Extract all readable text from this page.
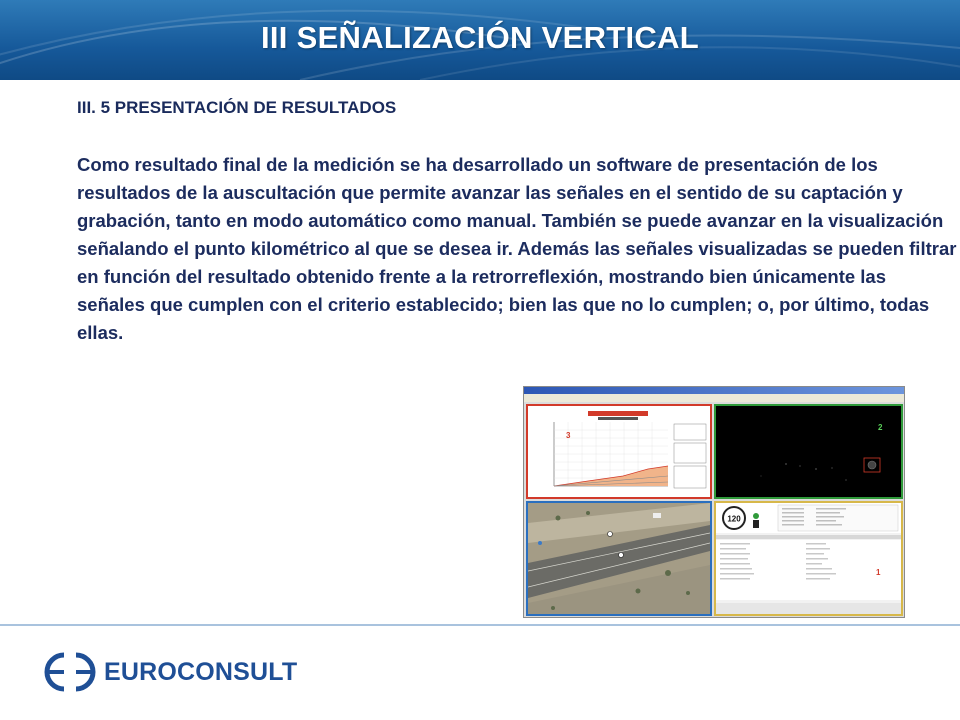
III SEÑALIZACIÓN VERTICAL
III. 5 PRESENTACIÓN DE RESULTADOS

Como resultado final de la medición se ha desarrollado un software de presentación de los resultados de la auscultación que permite avanzar las señales en el sentido de su captación y grabación, tanto en modo automático como manual. También se puede avanzar en la visualización señalando el punto kilométrico al que se desea ir. Además las señales visualizadas se pueden filtrar en función del resultado obtenido frente a la retrorreflexión, mostrando bien únicamente las señales que cumplen con el criterio establecido; bien las que no lo cumplen; o, por último, todas ellas.

3
2
120
1
EUROCONSULT
